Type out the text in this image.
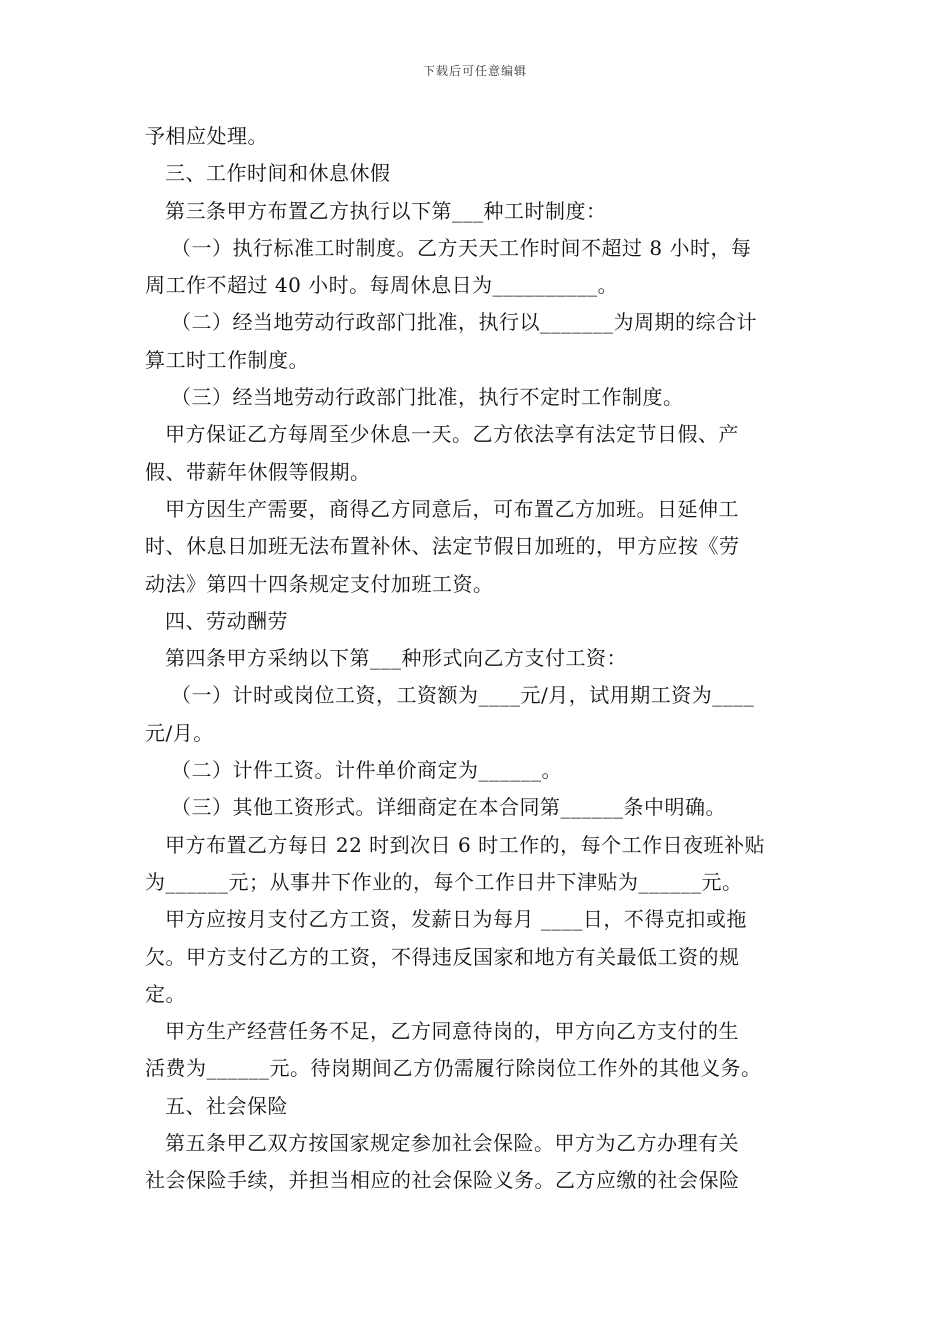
下载后可任意编辑
予相应处理。
三、工作时间和休息休假
第三条甲方布置乙方执行以下第___种工时制度：
（一）执行标准工时制度。乙方天天工作时间不超过 8 小时，每
周工作不超过 40 小时。每周休息日为__________。
（二）经当地劳动行政部门批准，执行以_______为周期的综合计
算工时工作制度。
（三）经当地劳动行政部门批准，执行不定时工作制度。
甲方保证乙方每周至少休息一天。乙方依法享有法定节日假、产
假、带薪年休假等假期。
甲方因生产需要，商得乙方同意后，可布置乙方加班。日延伸工
时、休息日加班无法布置补休、法定节假日加班的，甲方应按《劳
动法》第四十四条规定支付加班工资。
四、劳动酬劳
第四条甲方采纳以下第___种形式向乙方支付工资：
（一）计时或岗位工资，工资额为____元/月，试用期工资为____
元/月。
（二）计件工资。计件单价商定为______。
（三）其他工资形式。详细商定在本合同第______条中明确。
甲方布置乙方每日 22 时到次日 6 时工作的，每个工作日夜班补贴
为______元；从事井下作业的，每个工作日井下津贴为______元。
甲方应按月支付乙方工资，发薪日为每月 ____日，不得克扣或拖
欠。甲方支付乙方的工资，不得违反国家和地方有关最低工资的规
定。
甲方生产经营任务不足，乙方同意待岗的，甲方向乙方支付的生
活费为______元。待岗期间乙方仍需履行除岗位工作外的其他义务。
五、社会保险
第五条甲乙双方按国家规定参加社会保险。甲方为乙方办理有关
社会保险手续，并担当相应的社会保险义务。乙方应缴的社会保险
